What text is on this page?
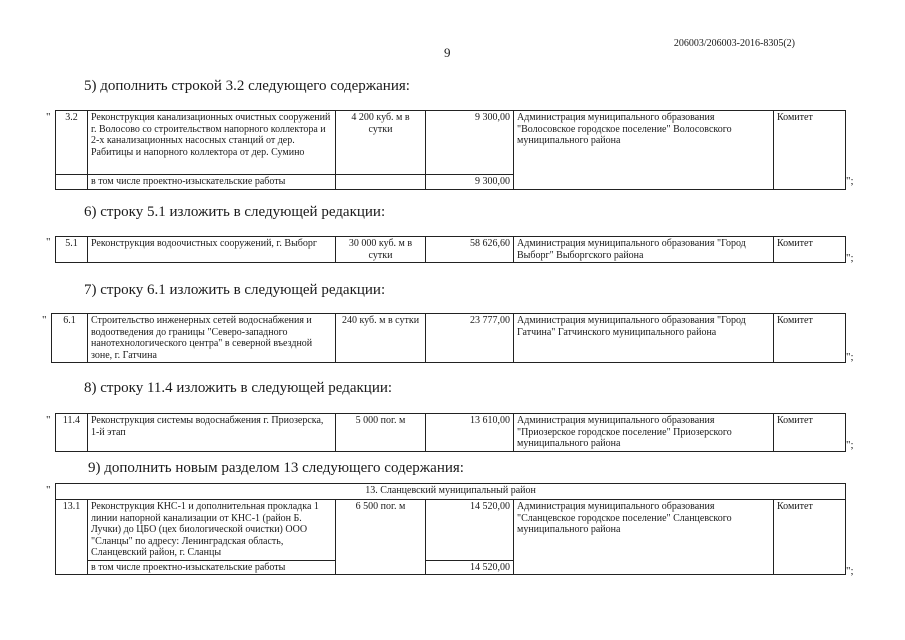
206003/206003-2016-8305(2)
9
5) дополнить строкой 3.2 следующего содержания:
" 3.2	Реконструкция канализационных очистных сооружений г. Волосово со строительством напорного коллектора и 2-х канализационных насосных станций от дер. Рабитицы и напорного коллектора от дер. Сумино	4 200 куб. м в сутки	9 300,00	Администрация муниципального образования "Волосовское городское поселение" Волосовского муниципального района	Комитет
	в том числе проектно-изыскательские работы		9 300,00			";
6) строку 5.1 изложить в следующей редакции:
" 5.1	Реконструкция водоочистных сооружений, г. Выборг	30 000 куб. м в сутки	58 626,60	Администрация муниципального образования "Город Выборг" Выборгского района	Комитет
";
7) строку 6.1 изложить в следующей редакции:
" 6.1	Строительство инженерных сетей водоснабжения и водоотведения до границы "Северо-западного нанотехнологического центра" в северной въездной зоне, г. Гатчина	240 куб. м в сутки	23 777,00	Администрация муниципального образования "Город Гатчина" Гатчинского муниципального района	Комитет
";
8) строку 11.4 изложить в следующей редакции:
" 11.4	Реконструкция системы водоснабжения г. Приозерска, 1-й этап	5 000 пог. м	13 610,00	Администрация муниципального образования "Приозерское городское поселение" Приозерского муниципального района	Комитет
";
9) дополнить новым разделом 13 следующего содержания:
"	13. Сланцевский муниципальный район					
13.1	Реконструкция КНС-1 и дополнительная прокладка 1 линии напорной канализации от КНС-1 (район Б. Лучки) до ЦБО (цех биологической очистки) ООО "Сланцы" по адресу: Ленинградская область, Сланцевский район, г. Сланцы	6 500 пог. м	14 520,00	Администрация муниципального образования "Сланцевское городское поселение" Сланцевского муниципального района	Комитет
	в том числе проектно-изыскательские работы		14 520,00			";
